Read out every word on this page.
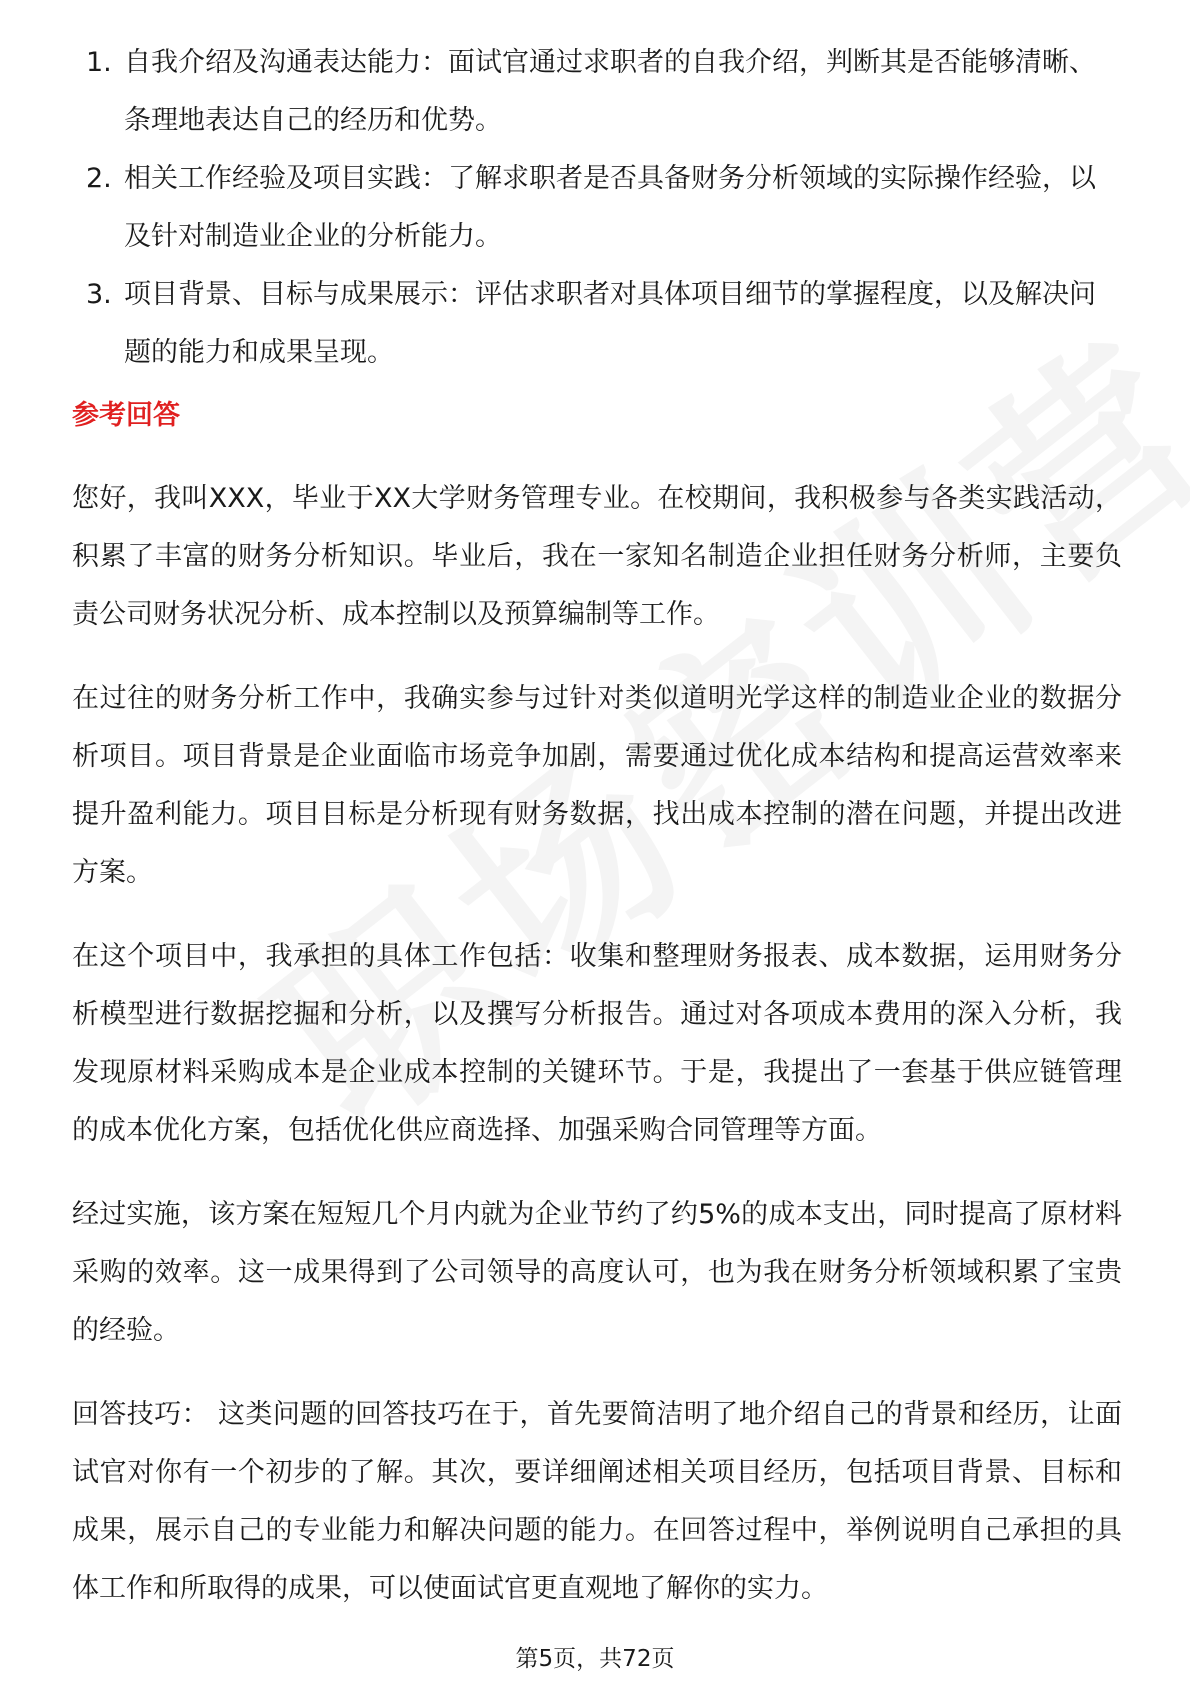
1. 自我介绍及沟通表达能力：面试官通过求职者的自我介绍，判断其是否能够清晰、条理地表达自己的经历和优势。
2. 相关工作经验及项目实践：了解求职者是否具备财务分析领域的实际操作经验，以及针对制造业企业的分析能力。
3. 项目背景、目标与成果展示：评估求职者对具体项目细节的掌握程度，以及解决问题的能力和成果呈现。
参考回答

您好，我叫XXX，毕业于XX大学财务管理专业。在校期间，我积极参与各类实践活动，积累了丰富的财务分析知识。毕业后，我在一家知名制造企业担任财务分析师，主要负责公司财务状况分析、成本控制以及预算编制等工作。

在过往的财务分析工作中，我确实参与过针对类似道明光学这样的制造业企业的数据分析项目。项目背景是企业面临市场竞争加剧，需要通过优化成本结构和提高运营效率来提升盈利能力。项目目标是分析现有财务数据，找出成本控制的潜在问题，并提出改进方案。

在这个项目中，我承担的具体工作包括：收集和整理财务报表、成本数据，运用财务分析模型进行数据挖掘和分析，以及撰写分析报告。通过对各项成本费用的深入分析，我发现原材料采购成本是企业成本控制的关键环节。于是，我提出了一套基于供应链管理的成本优化方案，包括优化供应商选择、加强采购合同管理等方面。

经过实施，该方案在短短几个月内就为企业节约了约5%的成本支出，同时提高了原材料采购的效率。这一成果得到了公司领导的高度认可，也为我在财务分析领域积累了宝贵的经验。

回答技巧： 这类问题的回答技巧在于，首先要简洁明了地介绍自己的背景和经历，让面试官对你有一个初步的了解。其次，要详细阐述相关项目经历，包括项目背景、目标和成果，展示自己的专业能力和解决问题的能力。在回答过程中，举例说明自己承担的具体工作和所取得的成果，可以使面试官更直观地了解你的实力。

第5页，共72页
